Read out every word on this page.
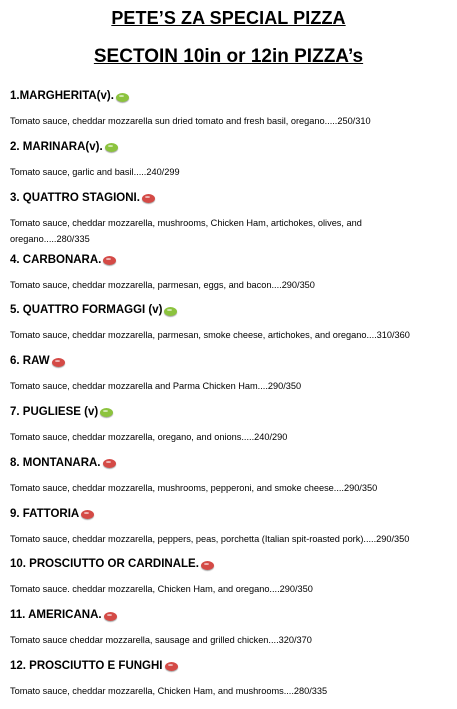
PETE’S ZA SPECIAL PIZZA
SECTOIN 10in or 12in PIZZA’s
1.MARGHERITA(v).
Tomato sauce, cheddar mozzarella sun dried tomato and fresh basil, oregano.....250/310
2. MARINARA(v).
Tomato sauce, garlic and basil.....240/299
3. QUATTRO STAGIONI.
Tomato sauce, cheddar mozzarella, mushrooms, Chicken Ham, artichokes, olives, and oregano.....280/335
4. CARBONARA.
Tomato sauce, cheddar mozzarella, parmesan, eggs, and bacon....290/350
5. QUATTRO FORMAGGI (v)
Tomato sauce, cheddar mozzarella, parmesan, smoke cheese, artichokes, and oregano....310/360
6. RAW
Tomato sauce, cheddar mozzarella and Parma Chicken Ham....290/350
7. PUGLIESE (v)
Tomato sauce, cheddar mozzarella, oregano, and onions.....240/290
8. MONTANARA.
Tomato sauce, cheddar mozzarella, mushrooms, pepperoni, and smoke cheese....290/350
9. FATTORIA
Tomato sauce, cheddar mozzarella, peppers, peas, porchetta (Italian spit-roasted pork).....290/350
10. PROSCIUTTO OR CARDINALE.
Tomato sauce. cheddar mozzarella, Chicken Ham, and oregano....290/350
11. AMERICANA.
Tomato sauce cheddar mozzarella, sausage and grilled chicken....320/370
12. PROSCIUTTO E FUNGHI
Tomato sauce, cheddar mozzarella, Chicken Ham, and mushrooms....280/335
